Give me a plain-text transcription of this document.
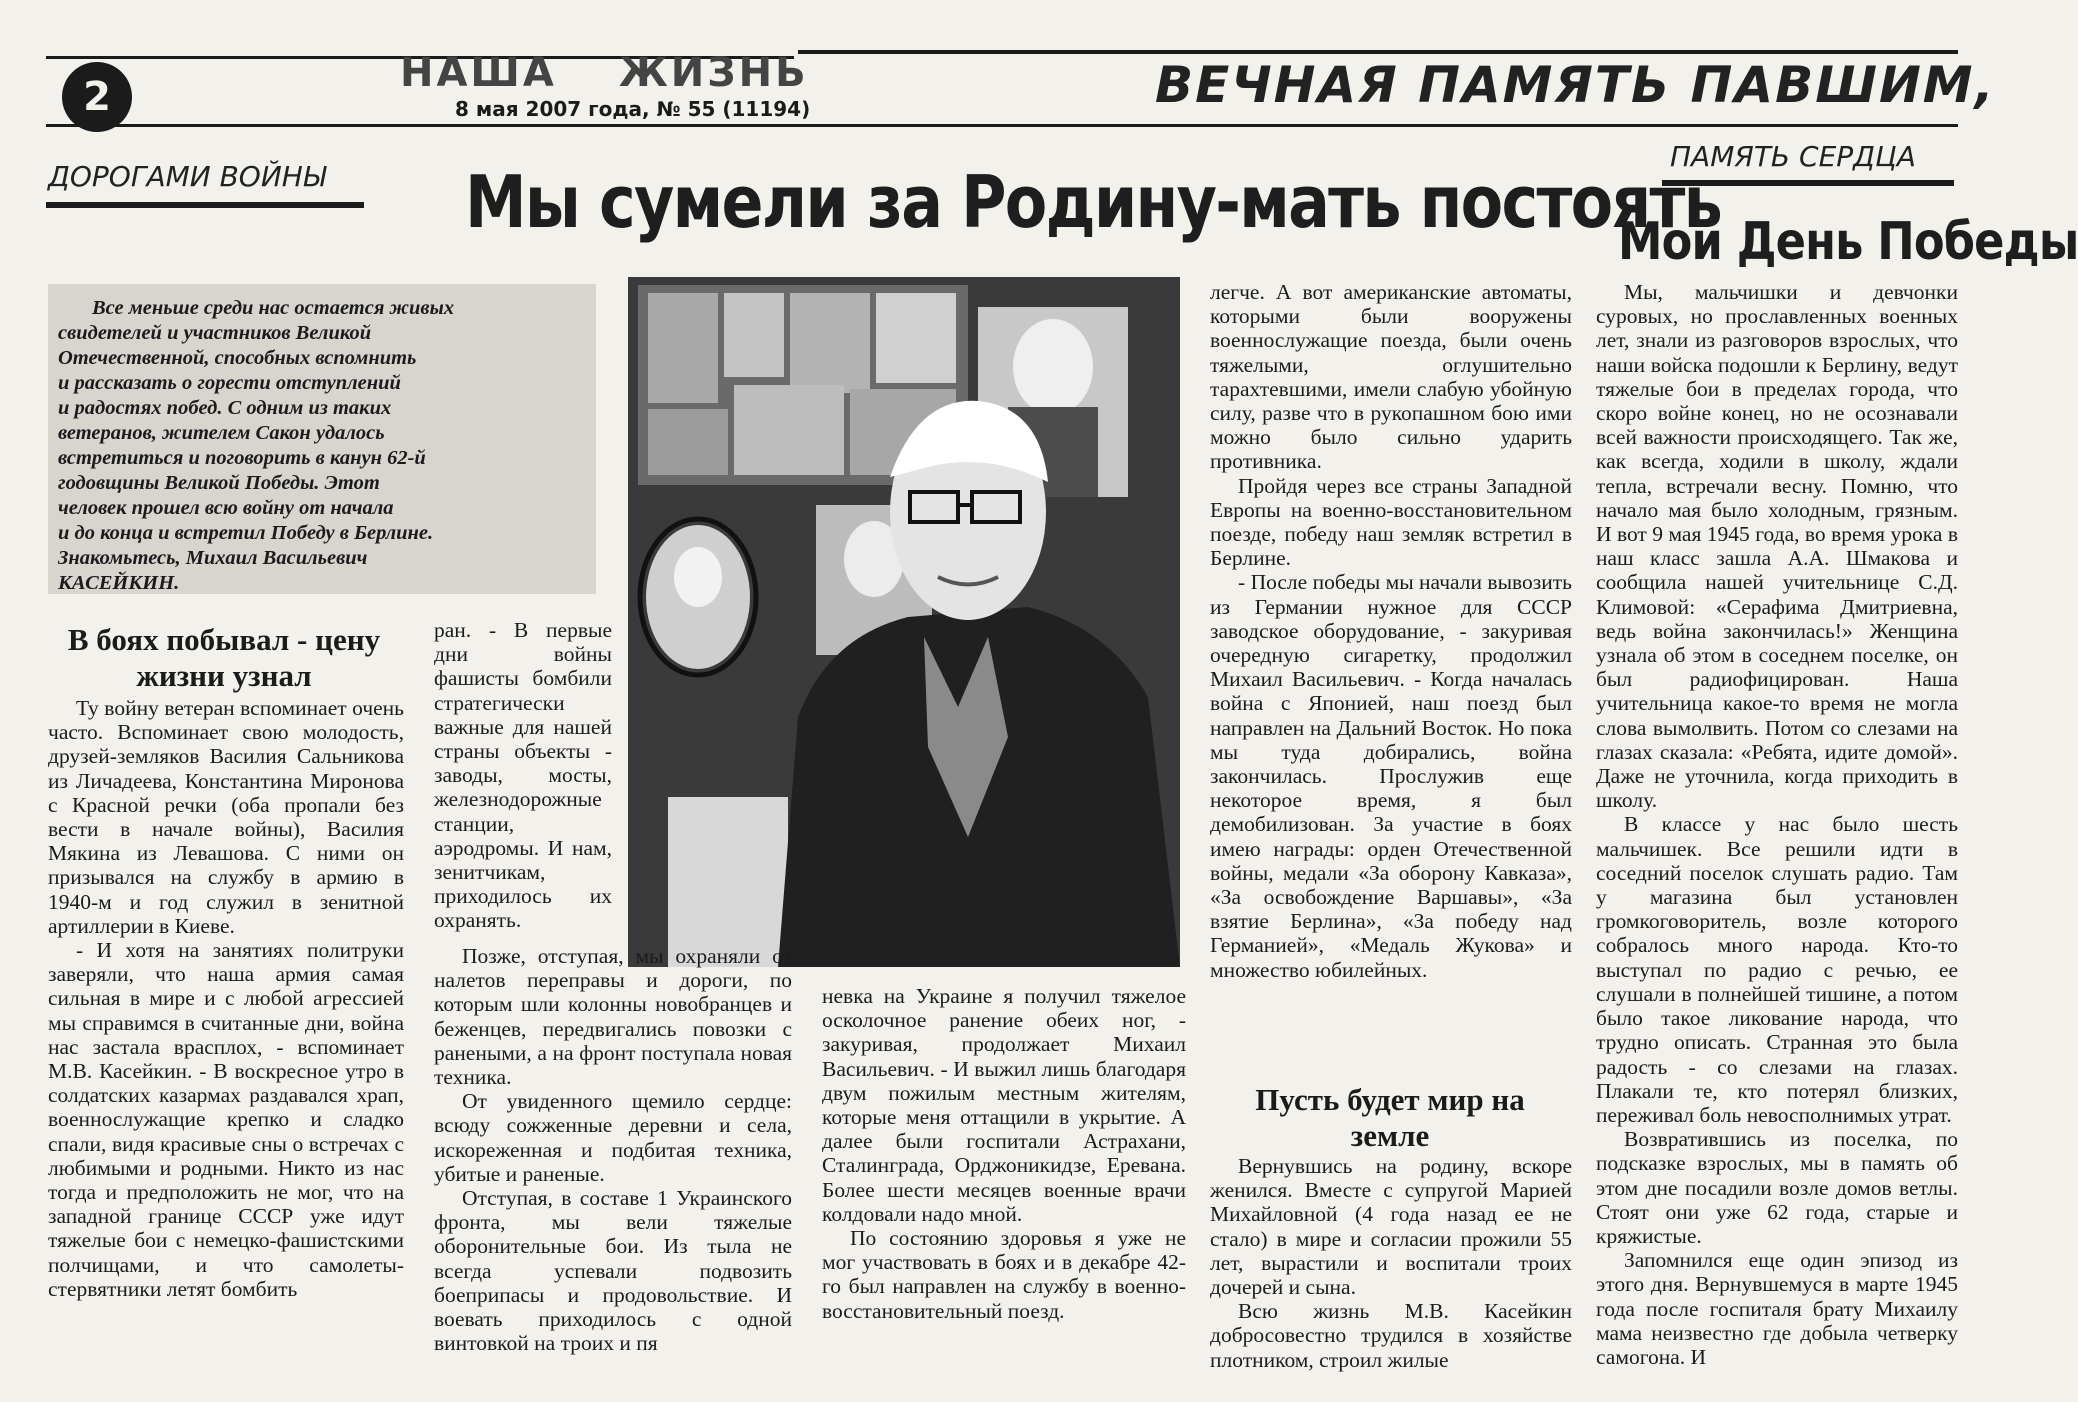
2
НАША ЖИЗНЬ
8 мая 2007 года, № 55 (11194)	ВЕЧНАЯ ПАМЯТЬ ПАВШИМ,
ДОРОГАМИ ВОЙНЫ
ПАМЯТЬ СЕРДЦА
Мы сумели за Родину-мать постоять
Мой День Победы
Все меньше среди нас остается живых
свидетелей и участников Великой
Отечественной, способных вспомнить
и рассказать о горести отступлений
и радостях побед. С одним из таких
ветеранов, жителем Сакон удалось
встретиться и поговорить в канун 62-й
годовщины Великой Победы. Этот
человек прошел всю войну от начала
и до конца и встретил Победу в Берлине.
Знакомьтесь, Михаил Васильевич
КАСЕЙКИН.
В боях побывал - цену жизни узнал

Ту войну ветеран вспоминает очень часто. Вспоминает свою молодость, друзей-земляков Василия Сальникова из Личадеева, Константина Миронова с Красной речки (оба пропали без вести в начале войны), Василия Мякина из Левашова. С ними он призывался на службу в армию в 1940-м и год служил в зенитной артиллерии в Киеве.

- И хотя на занятиях политруки заверяли, что наша армия самая сильная в мире и с любой агрессией мы справимся в считанные дни, война нас застала врасплох, - вспоминает М.В. Касейкин. - В воскресное утро в солдатских казармах раздавался храп, военнослужащие крепко и сладко спали, видя красивые сны о встречах с любимыми и родными. Никто из нас тогда и предположить не мог, что на западной границе СССР уже идут тяжелые бои с немецко-фашистскими полчищами, и что самолеты-стервятники летят бомбить

ран. - В первые дни войны фашисты бомбили стратегически важные для нашей страны объекты - заводы, мосты, железнодорожные станции, аэродромы. И нам, зенитчикам, приходилось их охранять.

Позже, отступая, мы охраняли от налетов переправы и дороги, по которым шли колонны новобранцев и беженцев, передвигались повозки с ранеными, а на фронт поступала новая техника.

От увиденного щемило сердце: всюду сожженные деревни и села, искореженная и подбитая техника, убитые и раненые.

Отступая, в составе 1 Украинского фронта, мы вели тяжелые оборонительные бои. Из тыла не всегда успевали подвозить боеприпасы и продовольствие. И воевать приходилось с одной винтовкой на троих и пя

невка на Украине я получил тяжелое осколочное ранение обеих ног, - закуривая, продолжает Михаил Васильевич. - И выжил лишь благодаря двум пожилым местным жителям, которые меня оттащили в укрытие. А далее были госпитали Астрахани, Сталинграда, Орджоникидзе, Еревана. Более шести месяцев военные врачи колдовали надо мной.

По состоянию здоровья я уже не мог участвовать в боях и в декабре 42-го был направлен на службу в военно-восстановительный поезд.

легче. А вот американские автоматы, которыми были вооружены военнослужащие поезда, были очень тяжелыми, оглушительно тарахтевшими, имели слабую убойную силу, разве что в рукопашном бою ими можно было сильно ударить противника.

Пройдя через все страны Западной Европы на военно-восстановительном поезде, победу наш земляк встретил в Берлине.

- После победы мы начали вывозить из Германии нужное для СССР заводское оборудование, - закуривая очередную сигаретку, продолжил Михаил Васильевич. - Когда началась война с Японией, наш поезд был направлен на Дальний Восток. Но пока мы туда добирались, война закончилась. Прослужив еще некоторое время, я был демобилизован. За участие в боях имею награды: орден Отечественной войны, медали «За оборону Кавказа», «За освобождение Варшавы», «За взятие Берлина», «За победу над Германией», «Медаль Жукова» и множество юбилейных.

Пусть будет мир на земле

Вернувшись на родину, вскоре женился. Вместе с супругой Марией Михайловной (4 года назад ее не стало) в мире и согласии прожили 55 лет, вырастили и воспитали троих дочерей и сына.

Всю жизнь М.В. Касейкин добросовестно трудился в хозяйстве плотником, строил жилые

Мы, мальчишки и девчонки суровых, но прославленных военных лет, знали из разговоров взрослых, что наши войска подошли к Берлину, ведут тяжелые бои в пределах города, что скоро войне конец, но не осознавали всей важности происходящего. Так же, как всегда, ходили в школу, ждали тепла, встречали весну. Помню, что начало мая было холодным, грязным. И вот 9 мая 1945 года, во время урока в наш класс зашла А.А. Шмакова и сообщила нашей учительнице С.Д. Климовой: «Серафима Дмитриевна, ведь война закончилась!» Женщина узнала об этом в соседнем поселке, он был радиофицирован. Наша учительница какое-то время не могла слова вымолвить. Потом со слезами на глазах сказала: «Ребята, идите домой». Даже не уточнила, когда приходить в школу.

В классе у нас было шесть мальчишек. Все решили идти в соседний поселок слушать радио. Там у магазина был установлен громкоговоритель, возле которого собралось много народа. Кто-то выступал по радио с речью, ее слушали в полнейшей тишине, а потом было такое ликование народа, что трудно описать. Странная это была радость - со слезами на глазах. Плакали те, кто потерял близких, переживал боль невосполнимых утрат.

Возвратившись из поселка, по подсказке взрослых, мы в память об этом дне посадили возле домов ветлы. Стоят они уже 62 года, старые и кряжистые.

Запомнился еще один эпизод из этого дня. Вернувшемуся в марте 1945 года после госпиталя брату Михаилу мама неизвестно где добыла четверку самогона. И
